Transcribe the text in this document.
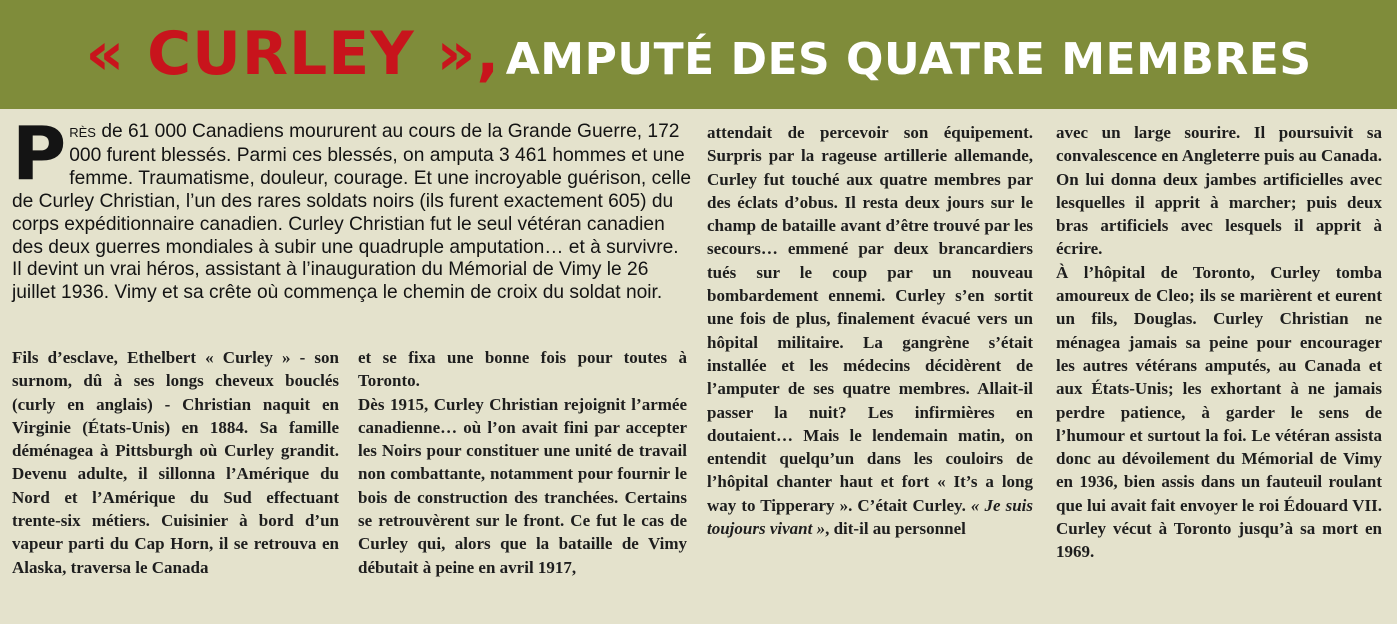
« CURLEY », AMPUTÉ DES QUATRE MEMBRES
PRÈS de 61 000 Canadiens moururent au cours de la Grande Guerre, 172 000 furent blessés. Parmi ces blessés, on amputa 3 461 hommes et une femme. Traumatisme, douleur, courage. Et une incroyable guérison, celle de Curley Christian, l’un des rares soldats noirs (ils furent exactement 605) du corps expéditionnaire canadien. Curley Christian fut le seul vétéran canadien des deux guerres mondiales à subir une quadruple amputation… et à survivre. Il devint un vrai héros, assistant à l’inauguration du Mémorial de Vimy le 26 juillet 1936. Vimy et sa crête où commença le chemin de croix du soldat noir.

Fils d’esclave, Ethelbert « Curley » - son surnom, dû à ses longs cheveux bouclés (curly en anglais) - Christian naquit en Virginie (États-Unis) en 1884. Sa famille déménagea à Pittsburgh où Curley grandit. Devenu adulte, il sillonna l’Amérique du Nord et l’Amérique du Sud effectuant trente-six métiers. Cuisinier à bord d’un vapeur parti du Cap Horn, il se retrouva en Alaska, traversa le Canada

et se fixa une bonne fois pour toutes à Toronto.

Dès 1915, Curley Christian rejoignit l’armée canadienne… où l’on avait fini par accepter les Noirs pour constituer une unité de travail non combattante, notamment pour fournir le bois de construction des tranchées. Certains se retrouvèrent sur le front. Ce fut le cas de Curley qui, alors que la bataille de Vimy débutait à peine en avril 1917,

attendait de percevoir son équipement. Surpris par la rageuse artillerie allemande, Curley fut touché aux quatre membres par des éclats d’obus. Il resta deux jours sur le champ de bataille avant d’être trouvé par les secours… emmené par deux brancardiers tués sur le coup par un nouveau bombardement ennemi. Curley s’en sortit une fois de plus, finalement évacué vers un hôpital militaire. La gangrène s’était installée et les médecins décidèrent de l’amputer de ses quatre membres. Allait-il passer la nuit? Les infirmières en doutaient… Mais le lendemain matin, on entendit quelqu’un dans les couloirs de l’hôpital chanter haut et fort « It’s a long way to Tipperary ». C’était Curley. « Je suis toujours vivant », dit-il au personnel

avec un large sourire. Il poursuivit sa convalescence en Angleterre puis au Canada. On lui donna deux jambes artificielles avec lesquelles il apprit à marcher; puis deux bras artificiels avec lesquels il apprit à écrire.

À l’hôpital de Toronto, Curley tomba amoureux de Cleo; ils se marièrent et eurent un fils, Douglas. Curley Christian ne ménagea jamais sa peine pour encourager les autres vétérans amputés, au Canada et aux États-Unis; les exhortant à ne jamais perdre patience, à garder le sens de l’humour et surtout la foi. Le vétéran assista donc au dévoilement du Mémorial de Vimy en 1936, bien assis dans un fauteuil roulant que lui avait fait envoyer le roi Édouard VII. Curley vécut à Toronto jusqu’à sa mort en 1969.
